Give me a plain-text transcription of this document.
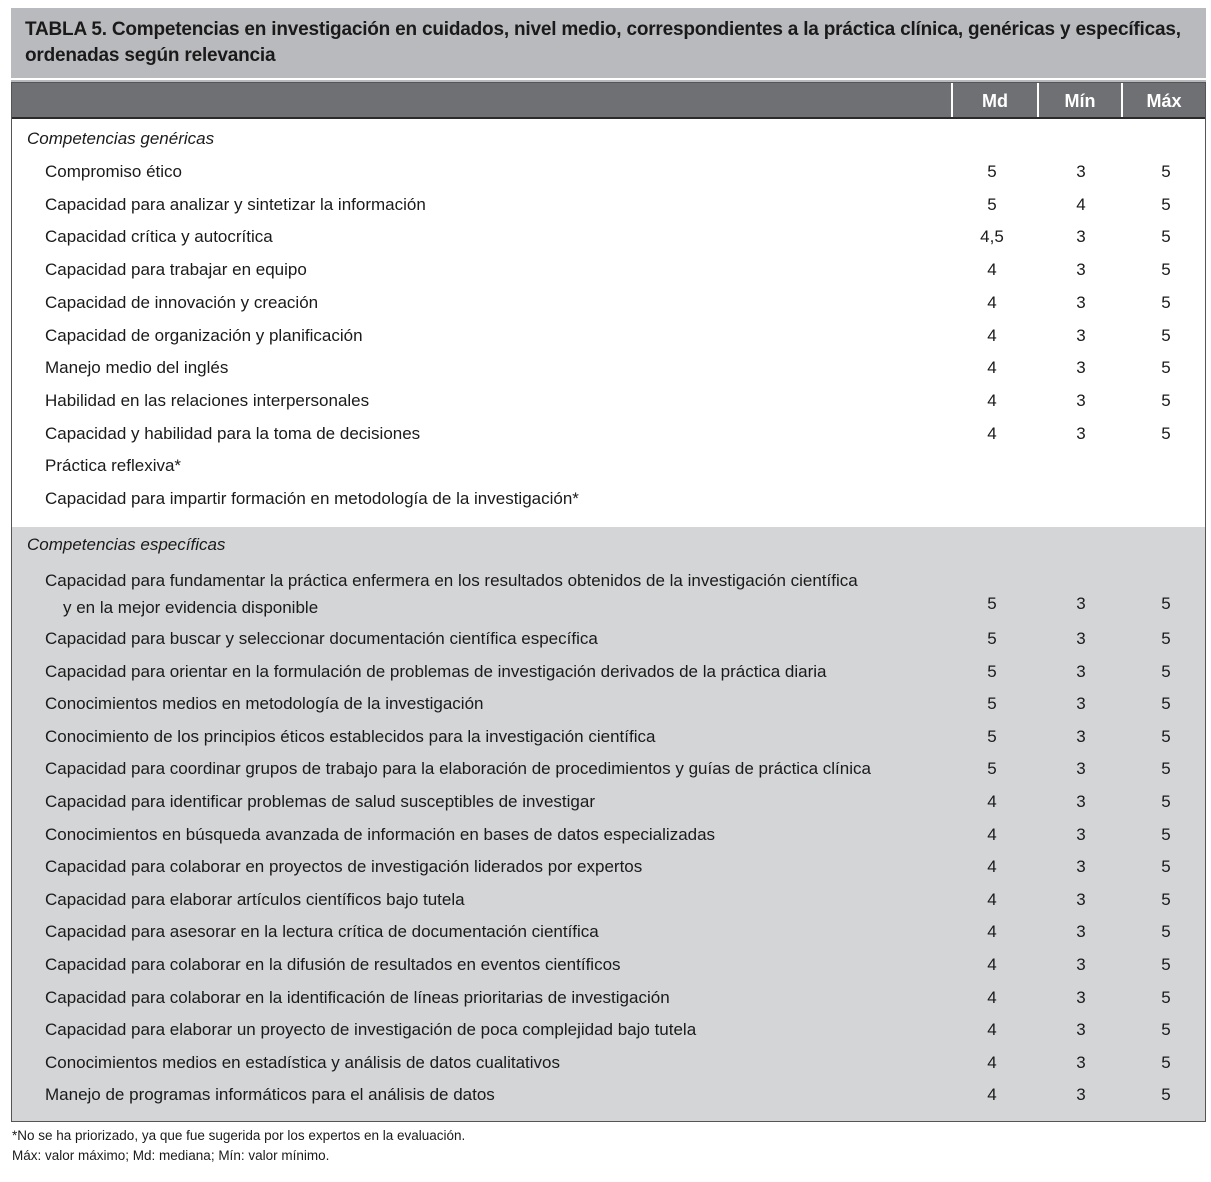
TABLA 5. Competencias en investigación en cuidados, nivel medio, correspondientes a la práctica clínica, genéricas y específicas, ordenadas según relevancia
Md	Mín	Máx
Competencias genéricas
Compromiso ético	5	3	5
Capacidad para analizar y sintetizar la información	5	4	5
Capacidad crítica y autocrítica	4,5	3	5
Capacidad para trabajar en equipo	4	3	5
Capacidad de innovación y creación	4	3	5
Capacidad de organización y planificación	4	3	5
Manejo medio del inglés	4	3	5
Habilidad en las relaciones interpersonales	4	3	5
Capacidad y habilidad para la toma de decisiones	4	3	5
Práctica reflexiva*
Capacidad para impartir formación en metodología de la investigación*
Competencias específicas
Capacidad para fundamentar la práctica enfermera en los resultados obtenidos de la investigación científica
y en la mejor evidencia disponible	5	3	5
Capacidad para buscar y seleccionar documentación científica específica	5	3	5
Capacidad para orientar en la formulación de problemas de investigación derivados de la práctica diaria	5	3	5
Conocimientos medios en metodología de la investigación	5	3	5
Conocimiento de los principios éticos establecidos para la investigación científica	5	3	5
Capacidad para coordinar grupos de trabajo para la elaboración de procedimientos y guías de práctica clínica	5	3	5
Capacidad para identificar problemas de salud susceptibles de investigar	4	3	5
Conocimientos en búsqueda avanzada de información en bases de datos especializadas	4	3	5
Capacidad para colaborar en proyectos de investigación liderados por expertos	4	3	5
Capacidad para elaborar artículos científicos bajo tutela	4	3	5
Capacidad para asesorar en la lectura crítica de documentación científica	4	3	5
Capacidad para colaborar en la difusión de resultados en eventos científicos	4	3	5
Capacidad para colaborar en la identificación de líneas prioritarias de investigación	4	3	5
Capacidad para elaborar un proyecto de investigación de poca complejidad bajo tutela	4	3	5
Conocimientos medios en estadística y análisis de datos cualitativos	4	3	5
Manejo de programas informáticos para el análisis de datos	4	3	5
*No se ha priorizado, ya que fue sugerida por los expertos en la evaluación.
Máx: valor máximo; Md: mediana; Mín: valor mínimo.
